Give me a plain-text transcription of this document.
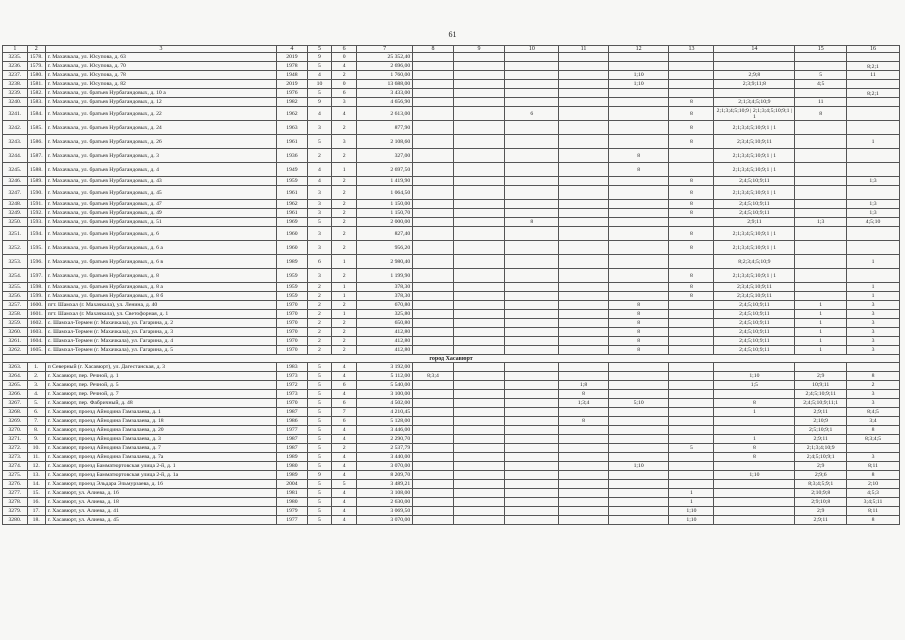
61
1	2	3	4	5	6	7	8	9	10	11	12	13	14	15	16
3235.	1578.	г. Махачкала, ул. Юсупова, д. 63	2019	9	0	25 352,40									
3236.	1579.	г. Махачкала, ул. Юсупова, д. 70	1978	5	4	2 696,00									8;2;1

3237.	1580.	г. Махачкала, ул. Юсупова, д. 78	1948	4	2	1 760,00					1;10		2;9;8	5	11
3238.	1581.	г. Махачкала, ул. Юсупова, д. 82	2019	10	0	13 688,00					1;10		2;3;9;11;8	4;5	
3239.	1582.	г. Махачкала, ул. братьев Нурбагандовых, д. 10 а	1976	5	6	3 433,00									8;2;1

3240.	1583.	г. Махачкала, ул. братьев Нурбагандовых, д. 12	1982	9	3	4 656,90						8	2;1;3;4;5;10;9	11	
3241.	1584.	г. Махачкала, ул. братьев Нурбагандовых, д. 22	1962	4	4	2 613,00			6			8	2;1;3;4;5;10;9 | 2;1;3;4;5;10;9;1 | 1	8	
3242.	1585.	г. Махачкала, ул. братьев Нурбагандовых, д. 24	1963	3	2	877,90						8	2;1;3;4;5;10;9;1 | 1		
3243.	1586.	г. Махачкала, ул. братьев Нурбагандовых, д. 26	1961	5	3	2 108,60						8	2;3;4;5;10;9;11		1
3244.	1587.	г. Махачкала, ул. братьев Нурбагандовых, д. 3	1936	2	2	327,00					8		2;1;3;4;5;10;9;1 | 1		
3245.	1588.	г. Махачкала, ул. братьев Нурбагандовых, д. 4	1949	4	1	2 697,50					8		2;1;3;4;5;10;9;1 | 1		
3246.	1589.	г. Махачкала, ул. братьев Нурбагандовых, д. 43	1959	4	2	1 419,90						8	2;4;5;10;9;11		1;3
3247.	1590.	г. Махачкала, ул. братьев Нурбагандовых, д. 45	1961	3	2	1 064,50						8	2;1;3;4;5;10;9;1 | 1		
3248.	1591.	г. Махачкала, ул. братьев Нурбагандовых, д. 47	1962	3	2	1 150,00						8	2;4;5;10;9;11		1;3
3249.	1592.	г. Махачкала, ул. братьев Нурбагандовых, д. 49	1961	3	2	1 150,70						8	2;4;5;10;9;11		1;3
3250.	1593.	г. Махачкала, ул. братьев Нурбагандовых, д. 51	1969	5	2	2 000,00			8				2;9;11	1;3	4;5;10
3251.	1594.	г. Махачкала, ул. братьев Нурбагандовых, д. 6	1960	3	2	827,40						8	2;1;3;4;5;10;9;1 | 1		
3252.	1595.	г. Махачкала, ул. братьев Нурбагандовых, д. 6 а	1960	3	2	956,20						8	2;1;3;4;5;10;9;1 | 1		
3253.	1596.	г. Махачкала, ул. братьев Нурбагандовых, д. 6 в	1989	6	1	2 980,40							8;2;3;4;5;10;9		1
3254.	1597.	г. Махачкала, ул. братьев Нурбагандовых, д. 8	1959	3	2	1 199,90						8	2;1;3;4;5;10;9;1 | 1		
3255.	1598.	г. Махачкала, ул. братьев Нурбагандовых, д. 8 а	1959	2	1	378,30						8	2;3;4;5;10;9;11		1
3256.	1599.	г. Махачкала, ул. братьев Нурбагандовых, д. 8 б	1959	2	1	378,30						8	2;3;4;5;10;9;11		1
3257.	1600.	пгт. Шамхал (г. Махачкала), ул. Ленина, д. 40	1970	2	2	670,80					8		2;4;5;10;9;11	1	3
3258.	1601.	пгт. Шамхал (г. Махачкала), ул. Светофорная, д. 1	1970	2	1	325,80					8		2;4;5;10;9;11	1	3
3259.	1602.	с. Шамхал-Термен (г. Махачкала), ул. Гагарина, д. 2	1970	2	2	650,80					8		2;4;5;10;9;11	1	3
3260.	1603.	с. Шамхал-Термен (г. Махачкала), ул. Гагарина, д. 3	1970	2	2	412,80					8		2;4;5;10;9;11	1	3
3261.	1604.	с. Шамхал-Термен (г. Махачкала), ул. Гагарина, д. 4	1970	2	2	412,80					8		2;4;5;10;9;11	1	3
3262.	1605.	с. Шамхал-Термен (г. Махачкала), ул. Гагарина, д. 5	1970	2	2	412,80					8		2;4;5;10;9;11	1	3
город Хасавюрт															
3263.	1.	п Северный (г. Хасавюрт), ул. Дагестанская, д. 3	1983	5	4	3 192,00									
3264.	2.	г. Хасавюрт, пер. Речной, д. 1	1973	5	4	5 112,00	8;3;4						1;10	2;9	8
3265.	3.	г. Хасавюрт, пер. Речной, д. 5	1972	5	6	5 540,00				1;8			1;5	10;9;11	2
3266.	4.	г. Хасавюрт, пер. Речной, д. 7	1973	5	4	3 100,00				8				2;4;5;10;9;11	3
3267.	5.	г. Хасавюрт, пер. Фабричный, д. 48	1970	5	6	4 502,00				1;3;4	5;10		8	2;4;5;10;9;11;1	3
3268.	6.	г. Хасавюрт, проезд Айнодина Гамзалаева, д. 1	1987	5	7	4 210,45							1	2;9;11	8;4;5
3269.	7.	г. Хасавюрт, проезд Айнодина Гамзалаева, д. 18	1986	5	6	5 128,00				8				2;10;9	3;4
3270.	8.	г. Хасавюрт, проезд Айнодина Гамзалаева, д. 20	1977	5	4	3 446,00								2;5;10;9;1	8
3271.	9.	г. Хасавюрт, проезд Айнодина Гамзалаева, д. 3	1987	5	4	2 290,70							1	2;9;11	8;3;4;5
3272.	10.	г. Хасавюрт, проезд Айнодина Гамзалаева, д. 7	1987	5	2	2 537,79						5	8	2;1;3;4;10;9	
3273.	11.	г. Хасавюрт, проезд Айнодина Гамзалаева, д. 7а	1989	5	4	3 440,00							8	2;4;5;10;9;1	3
3274.	12.	г. Хасавюрт, проезд Бамматюртовская улица 2-й, д. 1	1980	5	4	3 070,00					1;10			2;9	8;11
3275.	13.	г. Хасавюрт, проезд Бамматюртовская улица 2-й, д. 1а	1989	9	4	8 209,70							1;10	2;9;6	8
3276.	14.	г. Хасавюрт, проезд Эльдара Эльмурзаева, д. 16	2004	5	5	3 489,21								8;3;4;5;9;1	2;10
3277.	15.	г. Хасавюрт, ул. Алиева, д. 16	1981	5	4	3 108,00						1		2;10;9;8	4;5;3
3278.	16.	г. Хасавюрт, ул. Алиева, д. 18	1980	5	4	2 630,00						1		2;9;10;8	3;4;5;11
3279.	17.	г. Хасавюрт, ул. Алиева, д. 41	1979	5	4	3 069,50						1;10		2;9	8;11
3280.	18.	г. Хасавюрт, ул. Алиева, д. 45	1977	5	4	3 070,00						1;10		2;9;11	8
